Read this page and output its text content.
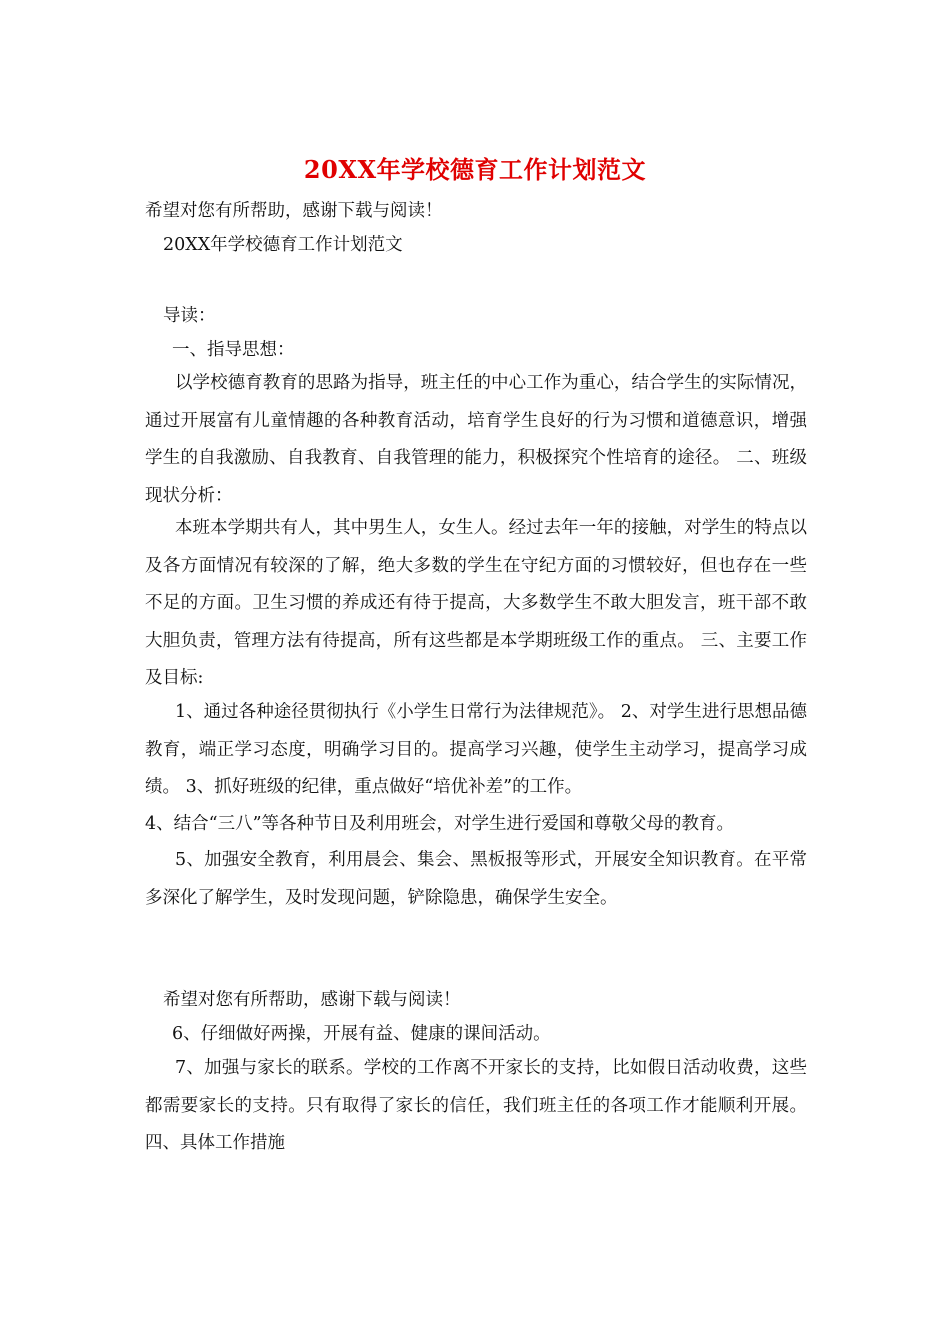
20XX年学校德育工作计划范文
希望对您有所帮助，感谢下载与阅读！
20XX年学校德育工作计划范文
导读：
一、指导思想：
以学校德育教育的思路为指导，班主任的中心工作为重心，结合学生的实际情况，通过开展富有儿童情趣的各种教育活动，培育学生良好的行为习惯和道德意识，增强学生的自我激励、自我教育、自我管理的能力，积极探究个性培育的途径。 二、班级现状分析：
本班本学期共有人，其中男生人，女生人。经过去年一年的接触，对学生的特点以及各方面情况有较深的了解，绝大多数的学生在守纪方面的习惯较好，但也存在一些不足的方面。卫生习惯的养成还有待于提高，大多数学生不敢大胆发言，班干部不敢大胆负责，管理方法有待提高，所有这些都是本学期班级工作的重点。 三、主要工作及目标:
1、通过各种途径贯彻执行《小学生日常行为法律规范》。 2、对学生进行思想品德教育，端正学习态度，明确学习目的。提高学习兴趣，使学生主动学习，提高学习成绩。 3、抓好班级的纪律，重点做好“培优补差”的工作。
4、结合“三八”等各种节日及利用班会，对学生进行爱国和尊敬父母的教育。
5、加强安全教育，利用晨会、集会、黑板报等形式，开展安全知识教育。在平常多深化了解学生，及时发现问题，铲除隐患，确保学生安全。
希望对您有所帮助，感谢下载与阅读！
6、仔细做好两操，开展有益、健康的课间活动。
7、加强与家长的联系。学校的工作离不开家长的支持，比如假日活动收费，这些都需要家长的支持。只有取得了家长的信任，我们班主任的各项工作才能顺利开展。 四、具体工作措施
